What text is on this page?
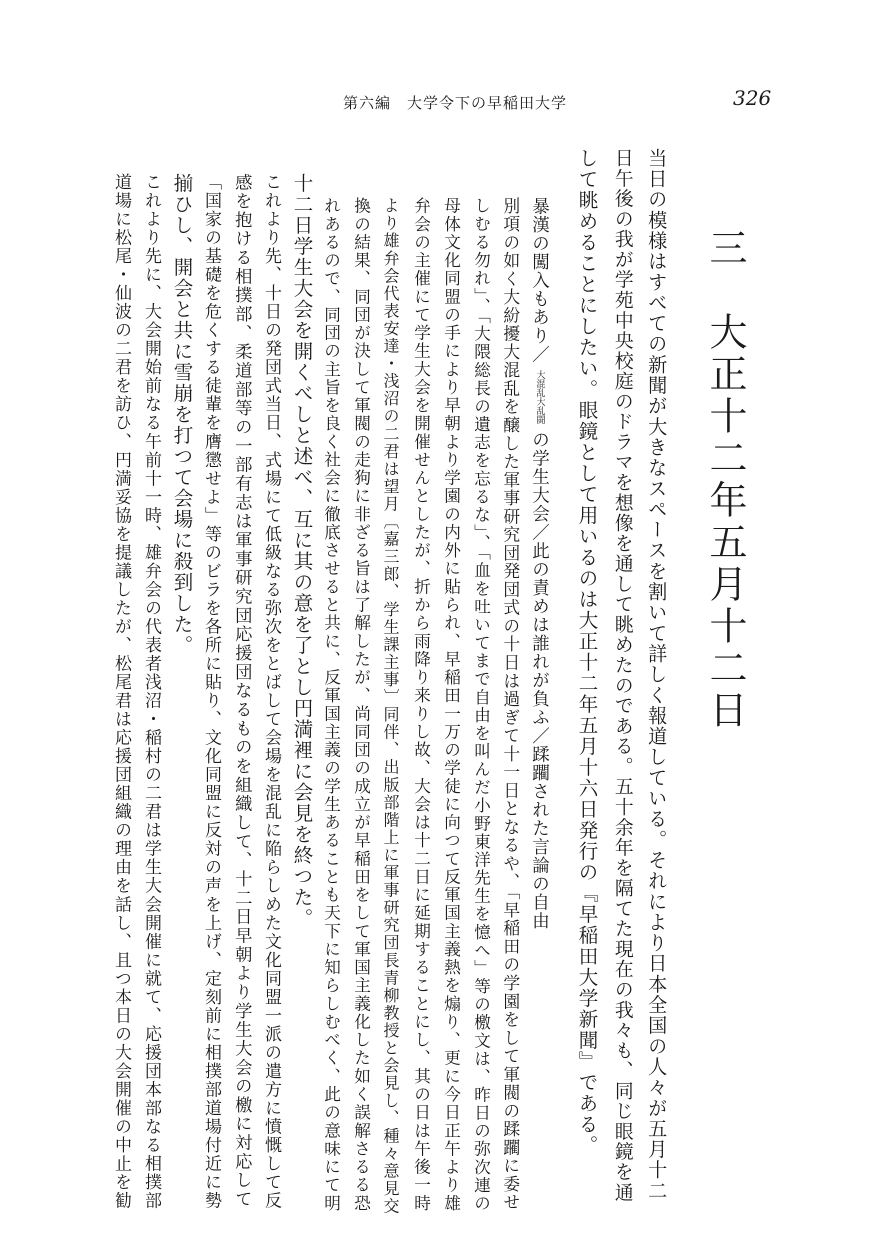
第六編　大学令下の早稲田大学	326
三　大正十二年五月十二日
当日の模様はすべての新聞が大きなスペースを割いて詳しく報道している。それにより日本全国の人々が五月十二
日午後の我が学苑中央校庭のドラマを想像を通して眺めたのである。五十余年を隔てた現在の我々も、同じ眼鏡を通
して眺めることにしたい。眼鏡として用いるのは大正十二年五月十六日発行の『早稲田大学新聞』である。
暴漢の闖入もあり／ 大混乱大乱闘 の学生大会／此の責めは誰れが負ふ／蹂躙された言論の自由
別項の如く大紛擾大混乱を醸した軍事研究団発団式の十日は過ぎて十一日となるや、「早稲田の学園をして軍閥の蹂躙に委せ
しむる勿れ」、「大隈総長の遺志を忘るな」、「血を吐いてまで自由を叫んだ小野東洋先生を憶へ」等の檄文は、昨日の弥次連の
母体文化同盟の手により早朝より学園の内外に貼られ、早稲田一万の学徒に向つて反軍国主義熱を煽り、更に今日正午より雄
弁会の主催にて学生大会を開催せんとしたが、折から雨降り来りし故、大会は十二日に延期することにし、其の日は午後一時
より雄弁会代表安達・浅沼の二君は望月〔嘉三郎、学生課主事〕同伴、出版部階上に軍事研究団長青柳教授と会見し、種々意見交
換の結果、同団が決して軍閥の走狗に非ざる旨は了解したが、尚同団の成立が早稲田をして軍国主義化した如く誤解さるる恐
れあるので、同団の主旨を良く社会に徹底させると共に、反軍国主義の学生あることも天下に知らしむべく、此の意味にて明
十二日学生大会を開くべしと述べ、互に其の意を了とし円満裡に会見を終つた。
これより先、十日の発団式当日、式場にて低級なる弥次をとばして会場を混乱に陥らしめた文化同盟一派の遣方に憤慨して反
感を抱ける相撲部、柔道部等の一部有志は軍事研究団応援団なるものを組織して、十二日早朝より学生大会の檄に対応して
「国家の基礎を危くする徒輩を膺懲せよ」等のビラを各所に貼り、文化同盟に反対の声を上げ、定刻前に相撲部道場付近に勢
揃ひし、開会と共に雪崩を打つて会場に殺到した。
これより先に、大会開始前なる午前十一時、雄弁会の代表者浅沼・稲村の二君は学生大会開催に就て、応援団本部なる相撲部
道場に松尾・仙波の二君を訪ひ、円満妥協を提議したが、松尾君は応援団組織の理由を話し、且つ本日の大会開催の中止を勧
